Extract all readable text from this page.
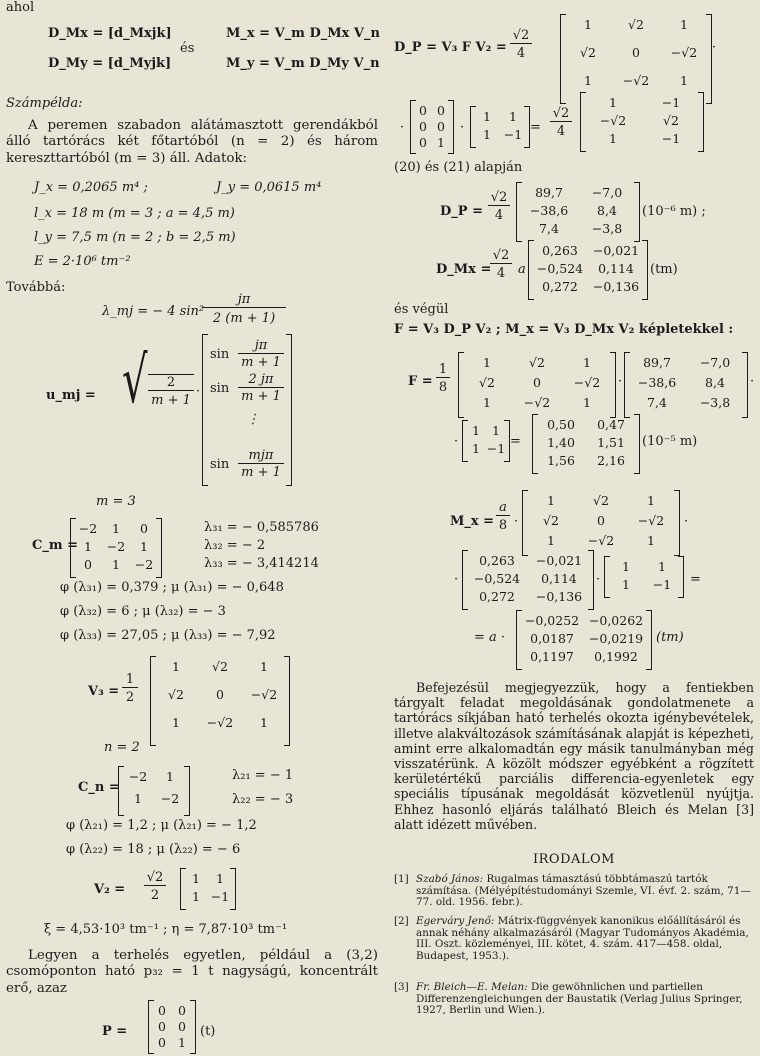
ahol
D_Mx = [d_Mxjk]
D_My = [d_Myjk]
és
M_x = V_m D_Mx V_n
M_y = V_m D_My V_n
Számpélda:
A peremen szabadon alátámasztott gerendákból álló tartórács két főtartóból (n = 2) és három kereszttartóból (m = 3) áll. Adatok:
J_x = 0,2065 m⁴ ;	J_y = 0,0615 m⁴
l_x = 18 m (m = 3 ; a = 4,5 m)
l_y = 7,5 m (n = 2 ; b = 2,5 m)
E = 2·10⁶ tm⁻²
Továbbá:
λ_mj = − 4 sin²
jπ
2 (m + 1)
u_mj = √	2
m + 1
·
sin
jπ
m + 1
sin
2 jπ
m + 1
⋮
sin
mjπ
m + 1
m = 3
C_m =
−2	1	0
1	−2	1
0	1	−2
λ₃₁ = − 0,585786
λ₃₂ = − 2
λ₃₃ = − 3,414214
φ (λ₃₁) = 0,379 ; μ (λ₃₁) = − 0,648
φ (λ₃₂) = 6 ; μ (λ₃₂) = − 3
φ (λ₃₃) = 27,05 ; μ (λ₃₃) = − 7,92
V₃ =
1
2
1	√2	1
√2	0	−√2
1	−√2	1
n = 2
C_n =
−2	1
1	−2
λ₂₁ = − 1
λ₂₂ = − 3
φ (λ₂₁) = 1,2 ; μ (λ₂₁) = − 1,2
φ (λ₂₂) = 18 ; μ (λ₂₂) = − 6
V₂ =
√2
2
1	1
1 −1
ξ = 4,53·10³ tm⁻¹ ; η = 7,87·10³ tm⁻¹
Legyen a terhelés egyetlen, például a (3,2) csomóponton ható p₃₂ = 1 t nagyságú, koncentrált erő, azaz
P =
0 0
0 0
0 1
(t)
D_P = V₃ F V₂ =
√2
4
1	√2	1
√2	0	−√2
1	−√2	1
·
·
0 0
0 0
0 1
·
1	1
1	−1 =
√2
4
1	−1
−√2	√2
1	−1
(20) és (21) alapján
D_P =
√2
4
89,7	−7,0
−38,6	8,4
7,4	−3,8
(10⁻⁶ m) ;
D_Mx =
√2
4 a
0,263	−0,021
−0,524	0,114
0,272	−0,136
(tm)
és végül
F = V₃ D_P V₂ ; M_x = V₃ D_Mx V₂ képletekkel :
F =
1
8
1	√2	1
√2	0	−√2
1	−√2	1
·
89,7	−7,0
−38,6	8,4
7,4	−3,8
·
·
1 1
1 −1 =
0,50	0,47
1,40	1,51
1,56	2,16
(10⁻⁵ m)
M_x =
a
8 ·
1	√2	1
√2	0	−√2
1	−√2	1
·
·
0,263	−0,021
−0,524	0,114
0,272	−0,136
·
1	1
1	−1	=
= a ·
−0,0252 −0,0262
0,0187	−0,0219
0,1197	0,1992
(tm)
Befejezésül megjegyezzük, hogy a fentiekben tárgyalt feladat megoldásának gondolatmenete a tartórács síkjában ható terhelés okozta igénybevételek, illetve alakváltozások számításának alapját is képezheti, amint erre alkalomadtán egy másik tanulmányban még visszatérünk. A közölt módszer egyébként a rögzített kerületértékű parciális differencia-egyenletek egy speciális típusának megoldását közvetlenül nyújtja. Ehhez hasonló eljárás található Bleich és Melan [3] alatt idézett művében.
IRODALOM
[1] Szabó János: Rugalmas támasztású többtámaszú tartók számítása. (Mélyépítéstudományi Szemle, VI. évf. 2. szám, 71—77. old. 1956. febr.).
[2] Egerváry Jenő: Mátrix-függvények kanonikus előállításáról és annak néhány alkalmazásáról (Magyar Tudományos Akadémia, III. Oszt. közleményei, III. kötet, 4. szám. 417—458. oldal, Budapest, 1953.).
[3] Fr. Bleich—E. Melan: Die gewöhnlichen und partiellen Differenzengleichungen der Baustatik (Verlag Julius Springer, 1927, Berlin und Wien.).
